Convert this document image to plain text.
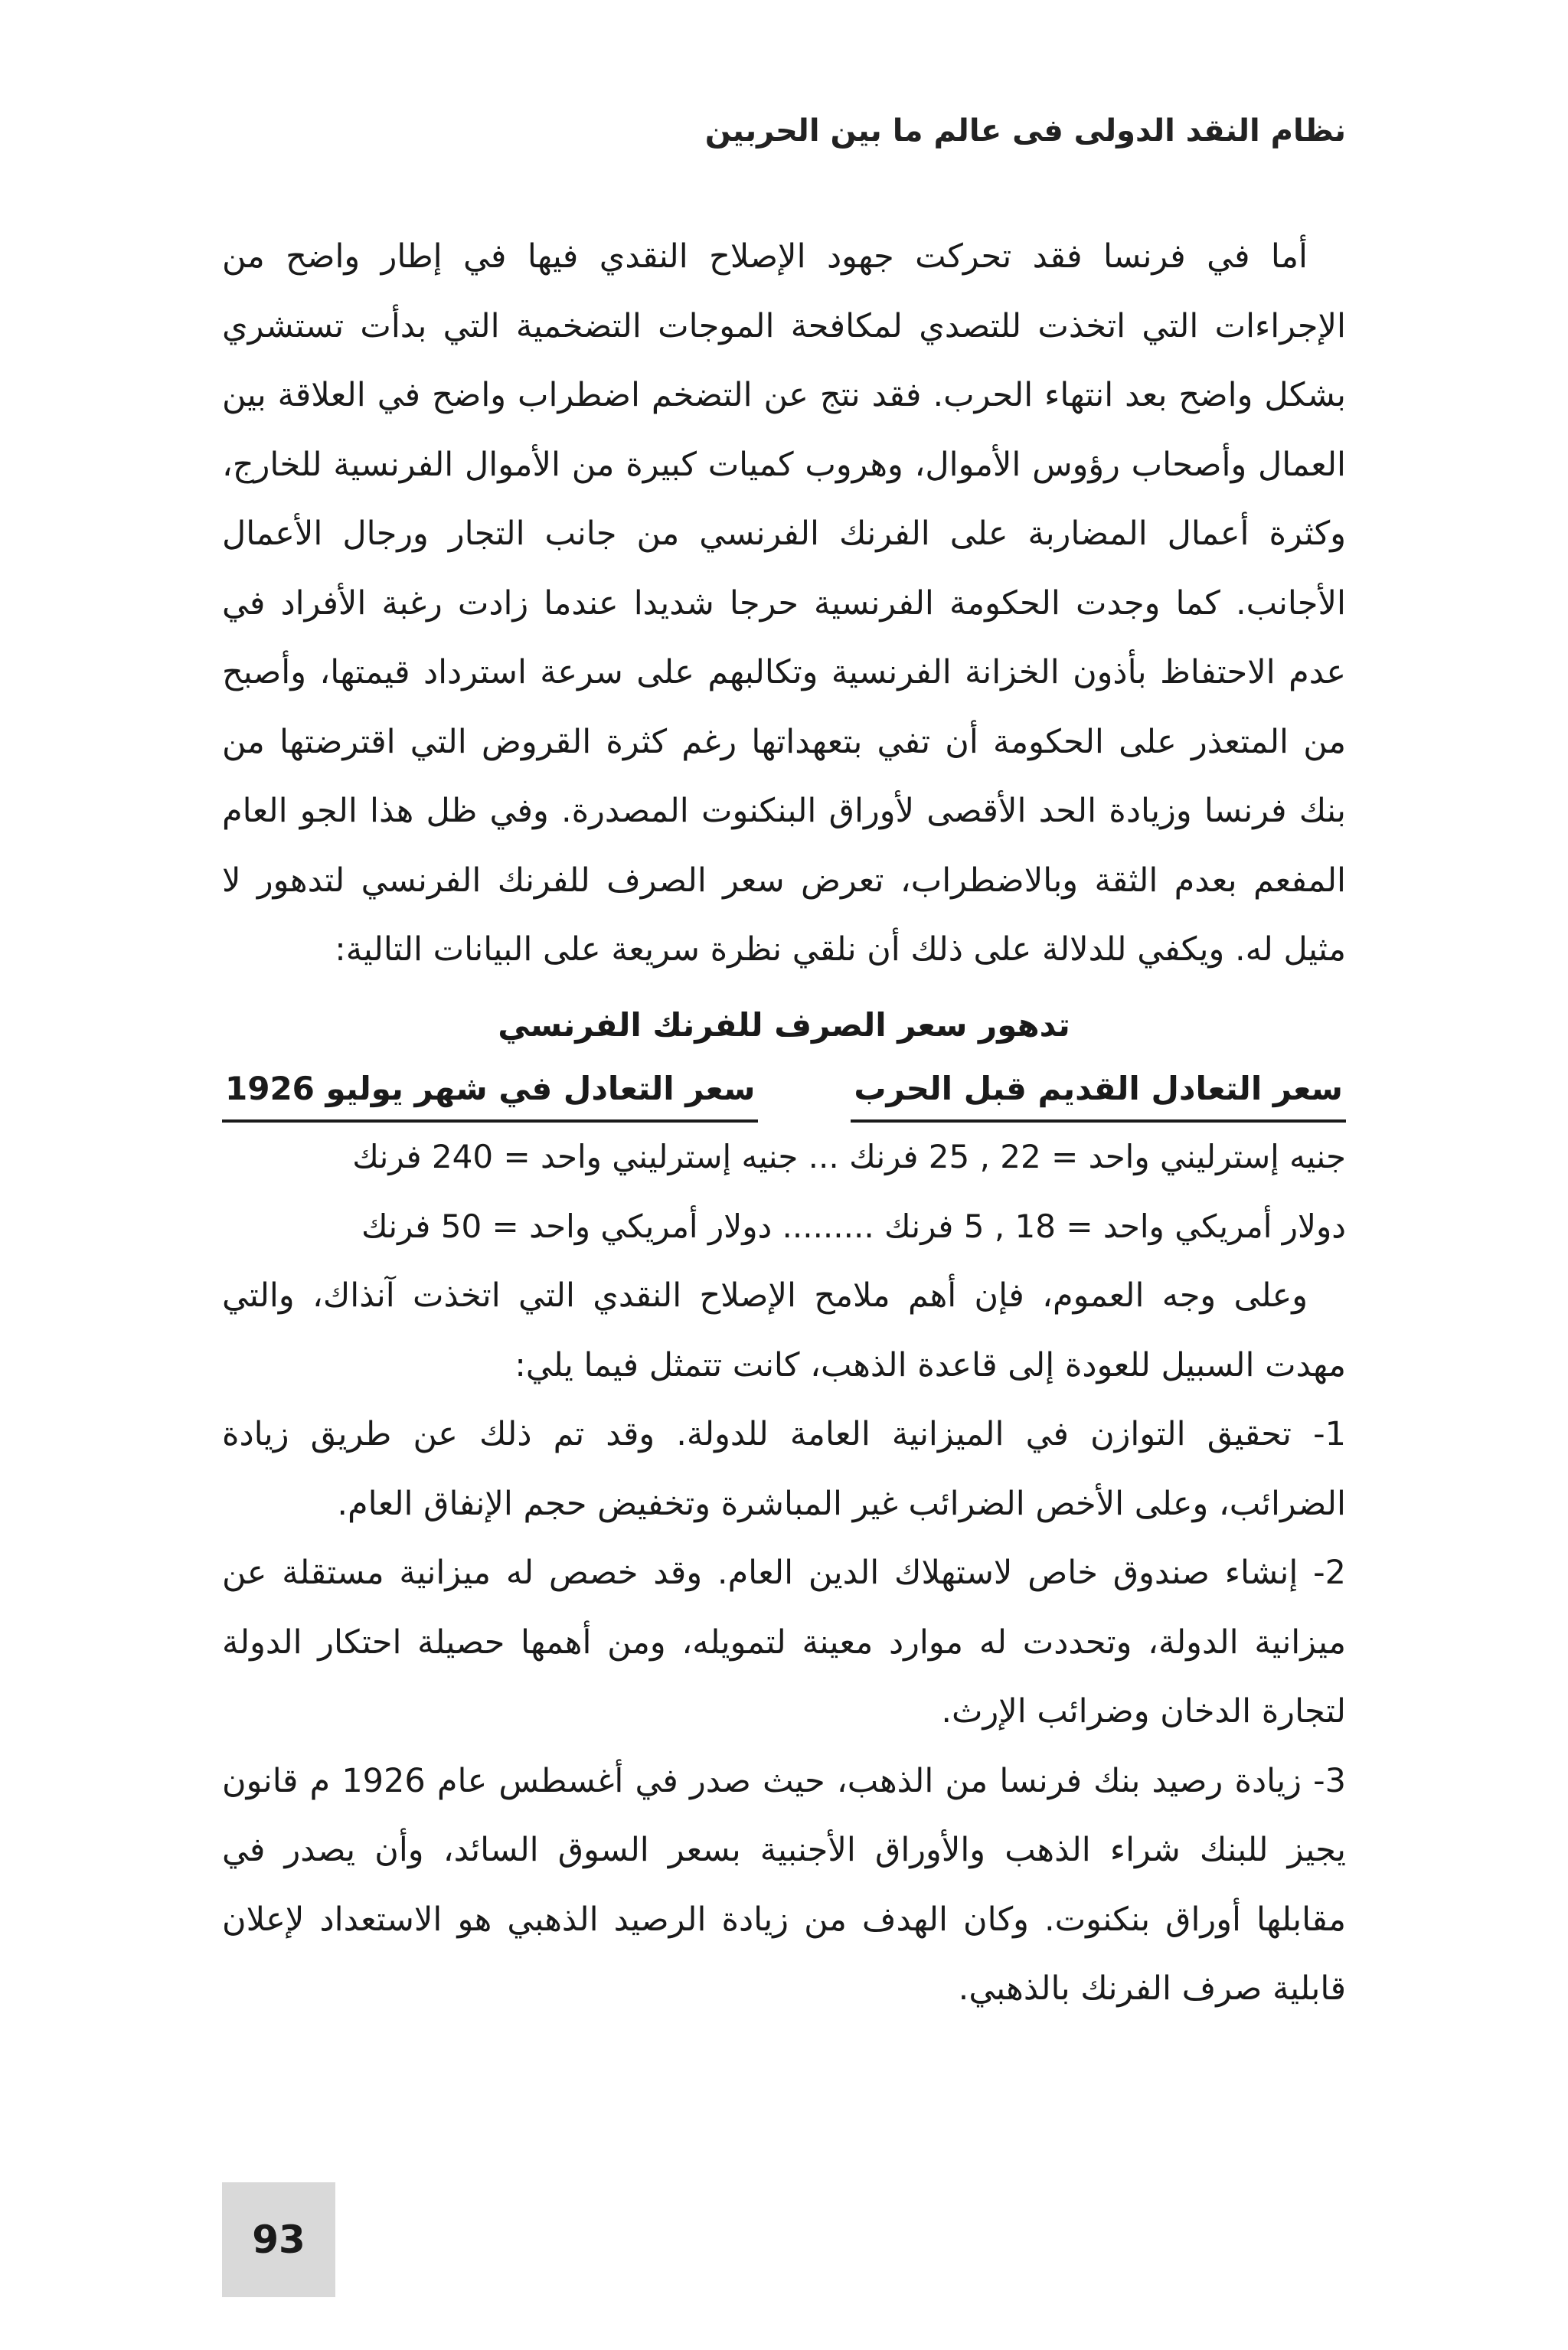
نظام النقد الدولى فى عالم ما بين الحربين

أما في فرنسا فقد تحركت جهود الإصلاح النقدي فيها في إطار واضح من الإجراءات التي اتخذت للتصدي لمكافحة الموجات التضخمية التي بدأت تستشري بشكل واضح بعد انتهاء الحرب. فقد نتج عن التضخم اضطراب واضح في العلاقة بين العمال وأصحاب رؤوس الأموال، وهروب كميات كبيرة من الأموال الفرنسية للخارج، وكثرة أعمال المضاربة على الفرنك الفرنسي من جانب التجار ورجال الأعمال الأجانب. كما وجدت الحكومة الفرنسية حرجا شديدا عندما زادت رغبة الأفراد في عدم الاحتفاظ بأذون الخزانة الفرنسية وتكالبهم على سرعة استرداد قيمتها، وأصبح من المتعذر على الحكومة أن تفي بتعهداتها رغم كثرة القروض التي اقترضتها من بنك فرنسا وزيادة الحد الأقصى لأوراق البنكنوت المصدرة. وفي ظل هذا الجو العام المفعم بعدم الثقة وبالاضطراب، تعرض سعر الصرف للفرنك الفرنسي لتدهور لا مثيل له. ويكفي للدلالة على ذلك أن نلقي نظرة سريعة على البيانات التالية:

تدهور سعر الصرف للفرنك الفرنسي

سعر التعادل القديم قبل الحرب
سعر التعادل في شهر يوليو 1926

جنيه إسترليني واحد = 22 , 25 فرنك ... جنيه إسترليني واحد = 240 فرنك

دولار أمريكي واحد = 18 , 5 فرنك ......... دولار أمريكي واحد = 50 فرنك

وعلى وجه العموم، فإن أهم ملامح الإصلاح النقدي التي اتخذت آنذاك، والتي مهدت السبيل للعودة إلى قاعدة الذهب، كانت تتمثل فيما يلي:

1- تحقيق التوازن في الميزانية العامة للدولة. وقد تم ذلك عن طريق زيادة الضرائب، وعلى الأخص الضرائب غير المباشرة وتخفيض حجم الإنفاق العام.

2- إنشاء صندوق خاص لاستهلاك الدين العام. وقد خصص له ميزانية مستقلة عن ميزانية الدولة، وتحددت له موارد معينة لتمويله، ومن أهمها حصيلة احتكار الدولة لتجارة الدخان وضرائب الإرث.

3- زيادة رصيد بنك فرنسا من الذهب، حيث صدر في أغسطس عام 1926 م قانون يجيز للبنك شراء الذهب والأوراق الأجنبية بسعر السوق السائد، وأن يصدر في مقابلها أوراق بنكنوت. وكان الهدف من زيادة الرصيد الذهبي هو الاستعداد لإعلان قابلية صرف الفرنك بالذهبي.

93
